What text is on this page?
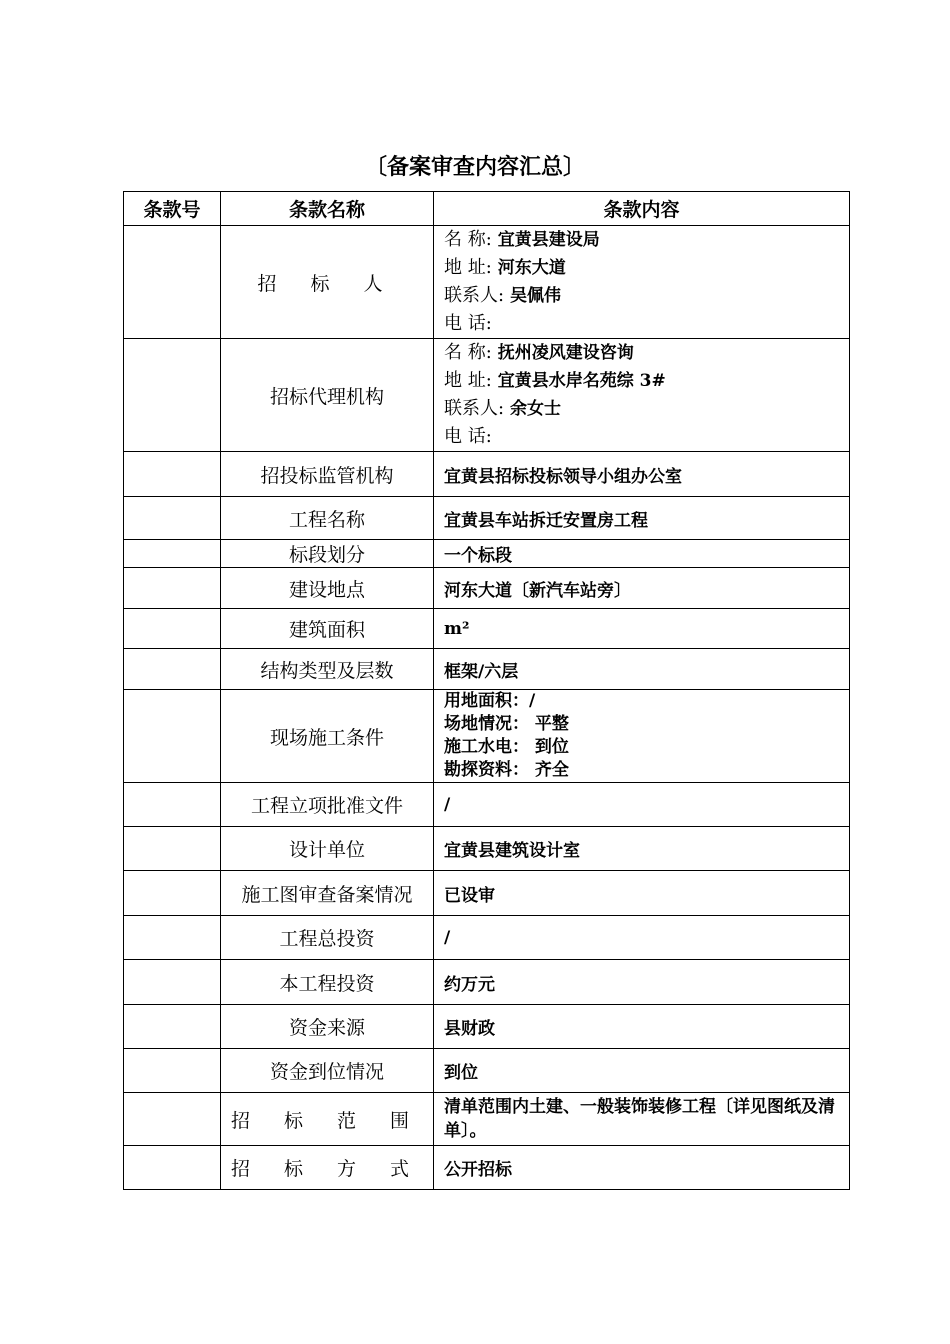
〔备案审查内容汇总〕
条款号	条款名称	条款内容
	招 标 人	名 称: 宜黄县建设局
地 址: 河东大道
联系人: 吴佩伟
电 话:

	招标代理机构	名 称: 抚州凌风建设咨询
地 址: 宜黄县水岸名苑综 3#
联系人: 余女士
电 话:

	招投标监管机构	宜黄县招标投标领导小组办公室
	工程名称	宜黄县车站拆迁安置房工程
	标段划分	一个标段
	建设地点	河东大道〔新汽车站旁〕
	建筑面积	m²
	结构类型及层数	框架/六层
	现场施工条件	用地面积：/
场地情况： 平整
施工水电： 到位
勘探资料： 齐全

	工程立项批准文件	/
	设计单位	宜黄县建筑设计室
	施工图审查备案情况	已设审
	工程总投资	/
	本工程投资	约万元
	资金来源	县财政
	资金到位情况	到位
	招 标 范 围	清单范围内土建、一般装饰装修工程〔详见图纸及清单〕。
	招 标 方 式	公开招标
